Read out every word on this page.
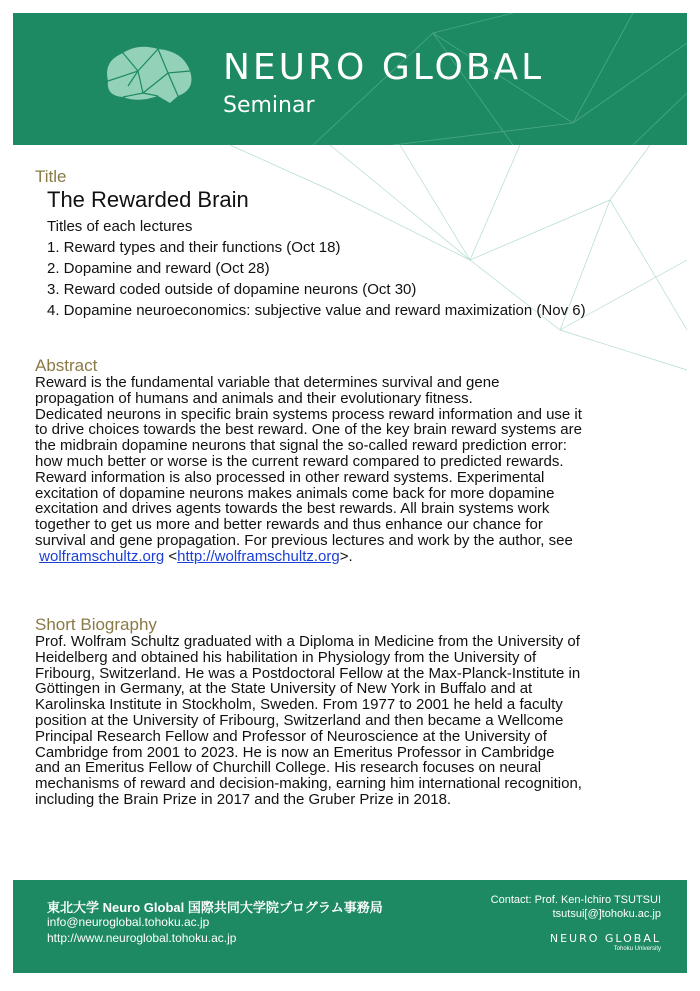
NEURO GLOBAL
Seminar
Title
The Rewarded Brain
Titles of each lectures
1. Reward types and their functions (Oct 18)
2. Dopamine and reward (Oct 28)
3. Reward coded outside of dopamine neurons (Oct 30)
4. Dopamine neuroeconomics: subjective value and reward maximization (Nov 6)
Abstract
Reward is the fundamental variable that determines survival and gene
propagation of humans and animals and their evolutionary fitness.
Dedicated neurons in specific brain systems process reward information and use it
to drive choices towards the best reward. One of the key brain reward systems are
the midbrain dopamine neurons that signal the so-called reward prediction error:
how much better or worse is the current reward compared to predicted rewards.
Reward information is also processed in other reward systems. Experimental
excitation of dopamine neurons makes animals come back for more dopamine
excitation and drives agents towards the best rewards. All brain systems work
together to get us more and better rewards and thus enhance our chance for
survival and gene propagation. For previous lectures and work by the author, see
wolframschultz.org <http://wolframschultz.org>.
Short Biography
Prof. Wolfram Schultz graduated with a Diploma in Medicine from the University of
Heidelberg and obtained his habilitation in Physiology from the University of
Fribourg, Switzerland. He was a Postdoctoral Fellow at the Max-Planck-Institute in
Göttingen in Germany, at the State University of New York in Buffalo and at
Karolinska Institute in Stockholm, Sweden. From 1977 to 2001 he held a faculty
position at the University of Fribourg, Switzerland and then became a Wellcome
Principal Research Fellow and Professor of Neuroscience at the University of
Cambridge from 2001 to 2023. He is now an Emeritus Professor in Cambridge
and an Emeritus Fellow of Churchill College. His research focuses on neural
mechanisms of reward and decision-making, earning him international recognition,
including the Brain Prize in 2017 and the Gruber Prize in 2018.
東北大学 Neuro Global 国際共同大学院プログラム事務局
info@neuroglobal.tohoku.ac.jp
http://www.neuroglobal.tohoku.ac.jp
Contact: Prof. Ken-Ichiro TSUTSUI
tsutsui[@]tohoku.ac.jp
NEURO GLOBAL
Tohoku University
